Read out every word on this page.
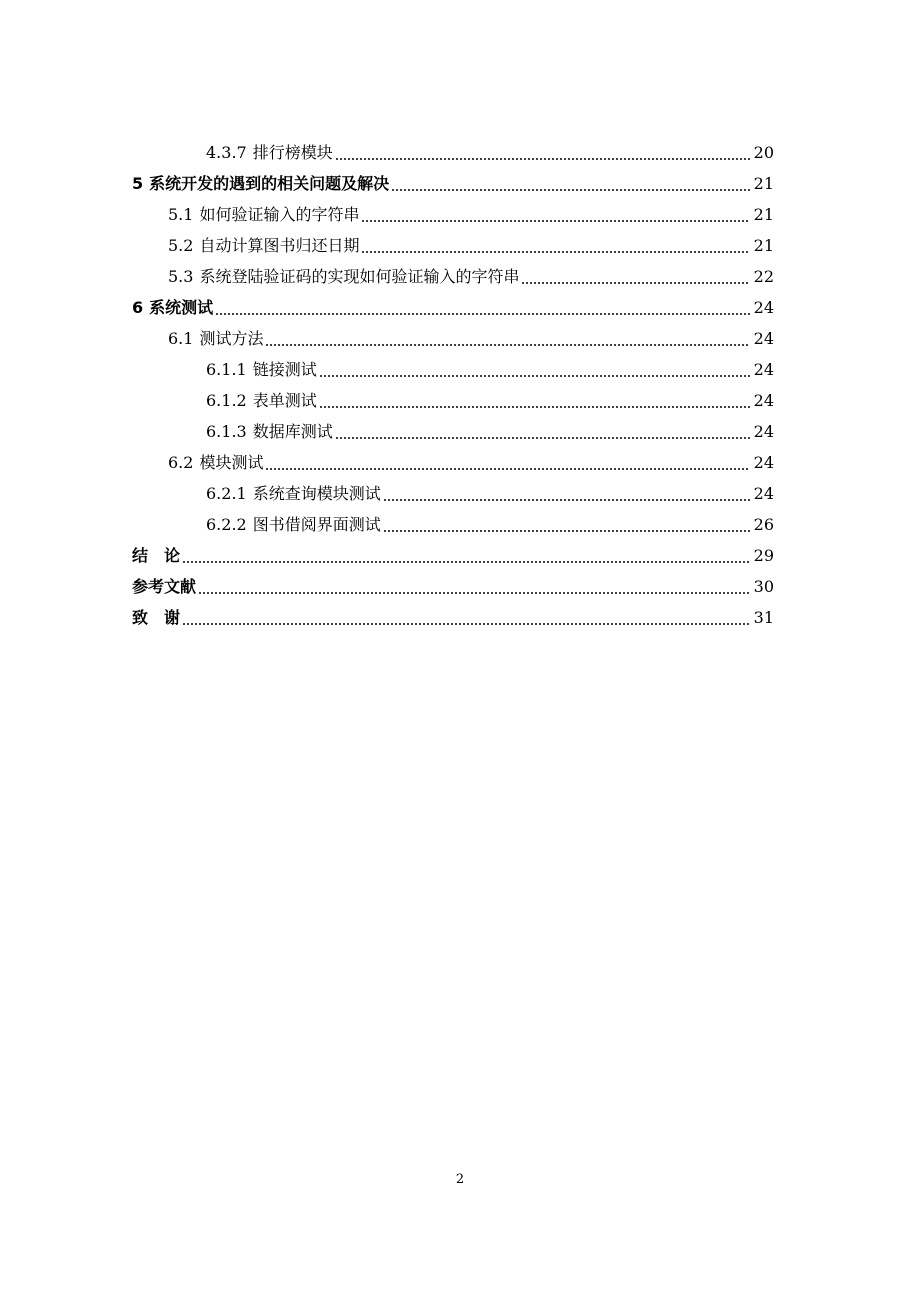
4.3.7 排行榜模块	20
5 系统开发的遇到的相关问题及解决	21
5.1 如何验证输入的字符串	21
5.2 自动计算图书归还日期	21
5.3 系统登陆验证码的实现如何验证输入的字符串	22
6 系统测试	24
6.1 测试方法	24
6.1.1 链接测试	24
6.1.2 表单测试	24
6.1.3 数据库测试	24
6.2 模块测试	24
6.2.1 系统查询模块测试	24
6.2.2 图书借阅界面测试	26
结　论	29
参考文献	30
致　谢	31
2
